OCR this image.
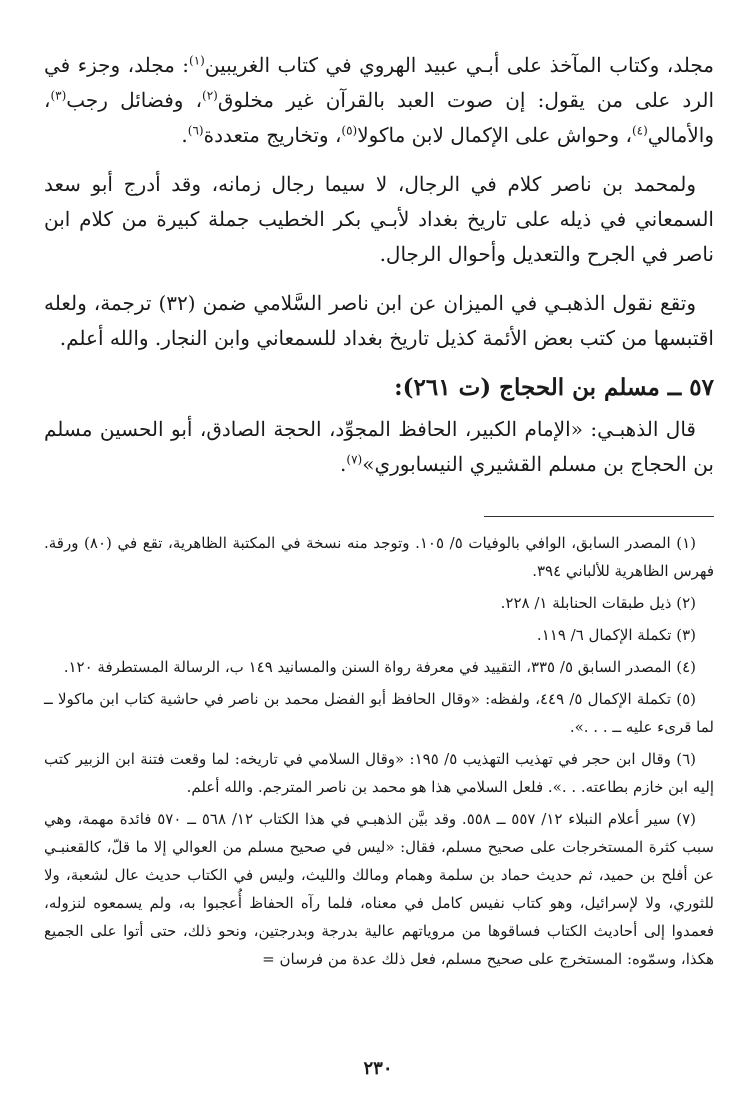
مجلد، وكتاب المآخذ على أبـي عبيد الهروي في كتاب الغريبين$^{(١)}$: مجلد، وجزء في الرد على من يقول: إن صوت العبد بالقرآن غير مخلوق$^{(٢)}$، وفضائل رجب$^{(٣)}$، والأمالي$^{(٤)}$، وحواش على الإكمال لابن ماكولا$^{(٥)}$، وتخاريج متعددة$^{(٦)}$.

ولمحمد بن ناصر كلام في الرجال، لا سيما رجال زمانه، وقد أدرج أبو سعد السمعاني في ذيله على تاريخ بغداد لأبـي بكر الخطيب جملة كبيرة من كلام ابن ناصر في الجرح والتعديل وأحوال الرجال.

وتقع نقول الذهبـي في الميزان عن ابن ناصر السَّلامي ضمن (٣٢) ترجمة، ولعله اقتبسها من كتب بعض الأئمة كذيل تاريخ بغداد للسمعاني وابن النجار. والله أعلم.

٥٧ ــ مسلم بن الحجاج (ت ٢٦١):

قال الذهبـي: «الإمام الكبير، الحافظ المجوِّد، الحجة الصادق، أبو الحسين مسلم بن الحجاج بن مسلم القشيري النيسابوري»$^{(٧)}$.

(١) المصدر السابق، الوافي بالوفيات ٥/ ١٠٥. وتوجد منه نسخة في المكتبة الظاهرية، تقع في (٨٠) ورقة. فهرس الظاهرية للألباني ٣٩٤.

(٢) ذيل طبقات الحنابلة ١/ ٢٢٨.

(٣) تكملة الإكمال ٦/ ١١٩.

(٤) المصدر السابق ٥/ ٣٣٥، التقييد في معرفة رواة السنن والمسانيد ١٤٩ ب، الرسالة المستطرفة ١٢٠.

(٥) تكملة الإكمال ٥/ ٤٤٩، ولفظه: «وقال الحافظ أبو الفضل محمد بن ناصر في حاشية كتاب ابن ماكولا ــ لما قرىء عليه ــ . . .».

(٦) وقال ابن حجر في تهذيب التهذيب ٥/ ١٩٥: «وقال السلامي في تاريخه: لما وقعت فتنة ابن الزبير كتب إليه ابن خازم بطاعته. . .». فلعل السلامي هذا هو محمد بن ناصر المترجم. والله أعلم.

(٧) سير أعلام النبلاء ١٢/ ٥٥٧ ــ ٥٥٨. وقد بيَّن الذهبـي في هذا الكتاب ١٢/ ٥٦٨ ــ ٥٧٠ فائدة مهمة، وهي سبب كثرة المستخرجات على صحيح مسلم، فقال: «ليس في صحيح مسلم من العوالي إلا ما قلّ، كالقعنبـي عن أفلح بن حميد، ثم حديث حماد بن سلمة وهمام ومالك والليث، وليس في الكتاب حديث عال لشعبة، ولا للثوري، ولا لإسرائيل، وهو كتاب نفيس كامل في معناه، فلما رآه الحفاظ أُعجبوا به، ولم يسمعوه لنزوله، فعمدوا إلى أحاديث الكتاب فساقوها من مروياتهم عالية بدرجة وبدرجتين، ونحو ذلك، حتى أتوا على الجميع هكذا، وسمّوه: المستخرج على صحيح مسلم، فعل ذلك عدة من فرسان =

٢٣٠
